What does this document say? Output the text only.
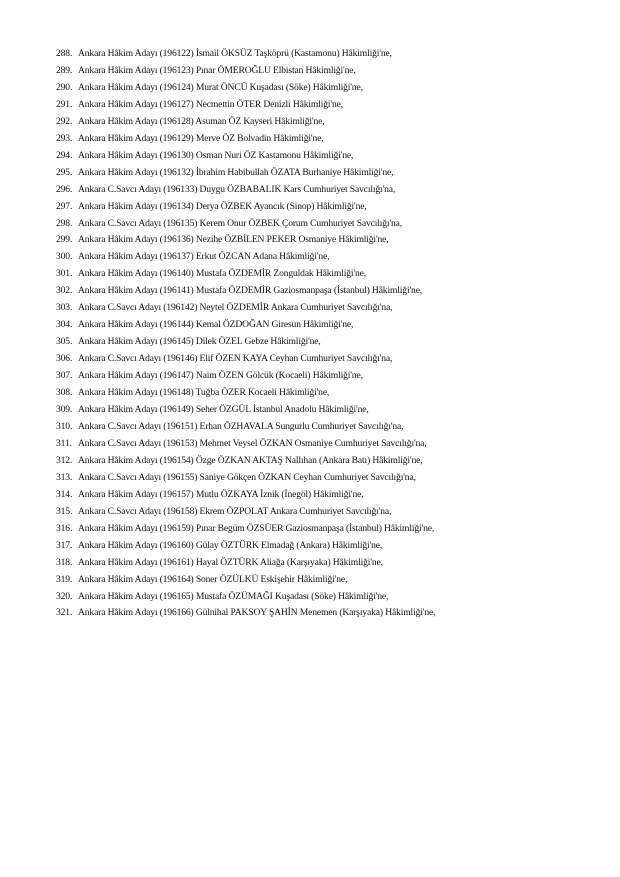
288. Ankara Hâkim Adayı (196122) İsmail ÖKSÜZ Taşköprü (Kastamonu) Hâkimliği'ne,
289. Ankara Hâkim Adayı (196123) Pınar ÖMEROĞLU Elbistan Hâkimliği'ne,
290. Ankara Hâkim Adayı (196124) Murat ÖNCÜ Kuşadası (Söke) Hâkimliği'ne,
291. Ankara Hâkim Adayı (196127) Necmettin ÖTER Denizli Hâkimliği'ne,
292. Ankara Hâkim Adayı (196128) Asuman ÖZ Kayseri Hâkimliği'ne,
293. Ankara Hâkim Adayı (196129) Merve ÖZ Bolvadin Hâkimliği'ne,
294. Ankara Hâkim Adayı (196130) Osman Nuri ÖZ Kastamonu Hâkimliği'ne,
295. Ankara Hâkim Adayı (196132) İbrahim Habibullah ÖZATA Burhaniye Hâkimliği'ne,
296. Ankara C.Savcı Adayı (196133) Duygu ÖZBABALIK Kars Cumhuriyet Savcılığı'na,
297. Ankara Hâkim Adayı (196134) Derya ÖZBEK Ayancık (Sinop) Hâkimliği'ne,
298. Ankara C.Savcı Adayı (196135) Kerem Onur ÖZBEK Çorum Cumhuriyet Savcılığı'na,
299. Ankara Hâkim Adayı (196136) Nezihe ÖZBİLEN PEKER Osmaniye Hâkimliği'ne,
300. Ankara Hâkim Adayı (196137) Erkut ÖZCAN Adana Hâkimliği'ne,
301. Ankara Hâkim Adayı (196140) Mustafa ÖZDEMİR Zonguldak Hâkimliği'ne,
302. Ankara Hâkim Adayı (196141) Mustafa ÖZDEMİR Gaziosmanpaşa (İstanbul) Hâkimliği'ne,
303. Ankara C.Savcı Adayı (196142) Neytel ÖZDEMİR Ankara Cumhuriyet Savcılığı'na,
304. Ankara Hâkim Adayı (196144) Kemal ÖZDOĞAN Giresun Hâkimliği'ne,
305. Ankara Hâkim Adayı (196145) Dilek ÖZEL Gebze Hâkimliği'ne,
306. Ankara C.Savcı Adayı (196146) Elif ÖZEN KAYA Ceyhan Cumhuriyet Savcılığı'na,
307. Ankara Hâkim Adayı (196147) Naim ÖZEN Gölcük (Kocaeli) Hâkimliği'ne,
308. Ankara Hâkim Adayı (196148) Tuğba ÖZER Kocaeli Hâkimliği'ne,
309. Ankara Hâkim Adayı (196149) Seher ÖZGÜL İstanbul Anadolu Hâkimliği'ne,
310. Ankara C.Savcı Adayı (196151) Erhan ÖZHAVALA Sungurlu Cumhuriyet Savcılığı'na,
311. Ankara C.Savcı Adayı (196153) Mehmet Veysel ÖZKAN Osmaniye Cumhuriyet Savcılığı'na,
312. Ankara Hâkim Adayı (196154) Özge ÖZKAN AKTAŞ Nallıhan (Ankara Batı) Hâkimliği'ne,
313. Ankara C.Savcı Adayı (196155) Saniye Gökçen ÖZKAN Ceyhan Cumhuriyet Savcılığı'na,
314. Ankara Hâkim Adayı (196157) Mutlu ÖZKAYA İznik (İnegöl) Hâkimliği'ne,
315. Ankara C.Savcı Adayı (196158) Ekrem ÖZPOLAT Ankara Cumhuriyet Savcılığı'na,
316. Ankara Hâkim Adayı (196159) Pınar Begüm ÖZSÜER Gaziosmanpaşa (İstanbul) Hâkimliği'ne,
317. Ankara Hâkim Adayı (196160) Gülay ÖZTÜRK Elmadağ (Ankara) Hâkimliği'ne,
318. Ankara Hâkim Adayı (196161) Hayal ÖZTÜRK Aliağa (Karşıyaka) Hâkimliği'ne,
319. Ankara Hâkim Adayı (196164) Soner ÖZÜLKÜ Eskişehir Hâkimliği'ne,
320. Ankara Hâkim Adayı (196165) Mustafa ÖZÜMAĞI Kuşadası (Söke) Hâkimliği'ne,
321. Ankara Hâkim Adayı (196166) Gülnihal PAKSOY ŞAHİN Menemen (Karşıyaka) Hâkimliği'ne,
